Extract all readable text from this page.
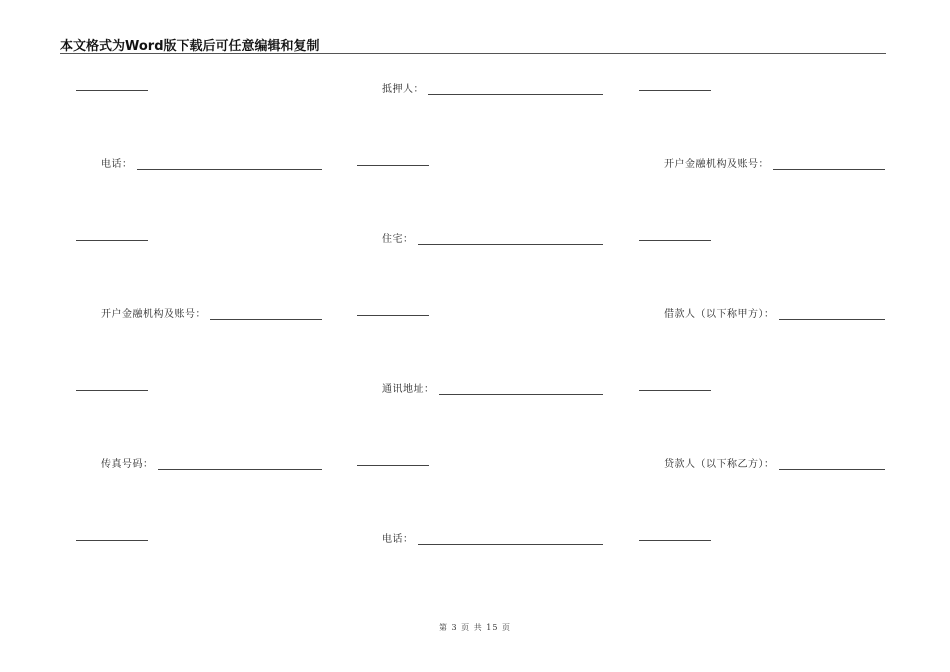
本文格式为Word版下载后可任意编辑和复制
抵押人：
电话：	开户金融机构及账号：
住宅：
开户金融机构及账号：	借款人（以下称甲方）：
通讯地址：
传真号码：	贷款人（以下称乙方）：
电话：
第 3 页 共 15 页
